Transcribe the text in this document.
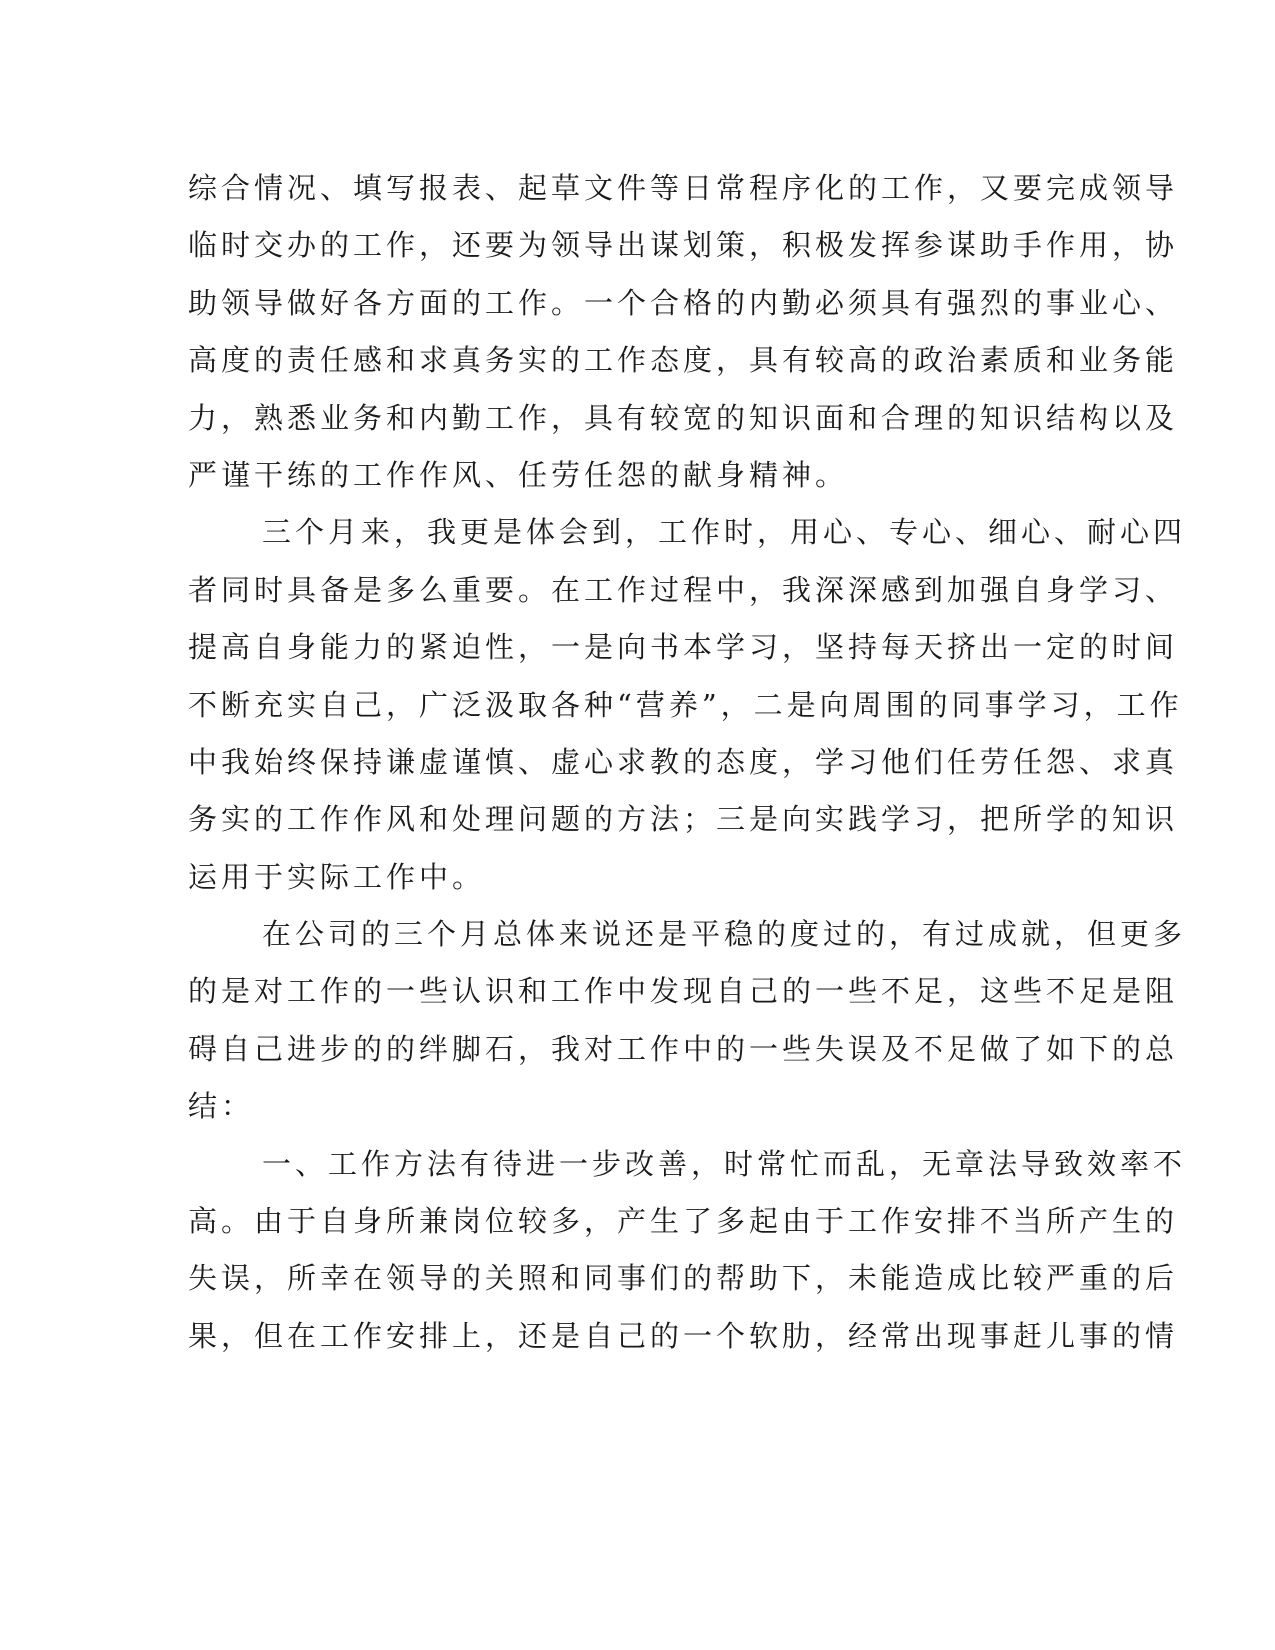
综合情况、填写报表、起草文件等日常程序化的工作，又要完成领导
临时交办的工作，还要为领导出谋划策，积极发挥参谋助手作用，协
助领导做好各方面的工作。一个合格的内勤必须具有强烈的事业心、
高度的责任感和求真务实的工作态度，具有较高的政治素质和业务能
力，熟悉业务和内勤工作，具有较宽的知识面和合理的知识结构以及
严谨干练的工作作风、任劳任怨的献身精神。
三个月来，我更是体会到，工作时，用心、专心、细心、耐心四
者同时具备是多么重要。在工作过程中，我深深感到加强自身学习、
提高自身能力的紧迫性，一是向书本学习，坚持每天挤出一定的时间
不断充实自己，广泛汲取各种“营养”，二是向周围的同事学习，工作
中我始终保持谦虚谨慎、虚心求教的态度，学习他们任劳任怨、求真
务实的工作作风和处理问题的方法；三是向实践学习，把所学的知识
运用于实际工作中。
在公司的三个月总体来说还是平稳的度过的，有过成就，但更多
的是对工作的一些认识和工作中发现自己的一些不足，这些不足是阻
碍自己进步的的绊脚石，我对工作中的一些失误及不足做了如下的总
结：
一、工作方法有待进一步改善，时常忙而乱，无章法导致效率不
高。由于自身所兼岗位较多，产生了多起由于工作安排不当所产生的
失误，所幸在领导的关照和同事们的帮助下，未能造成比较严重的后
果，但在工作安排上，还是自己的一个软肋，经常出现事赶儿事的情
